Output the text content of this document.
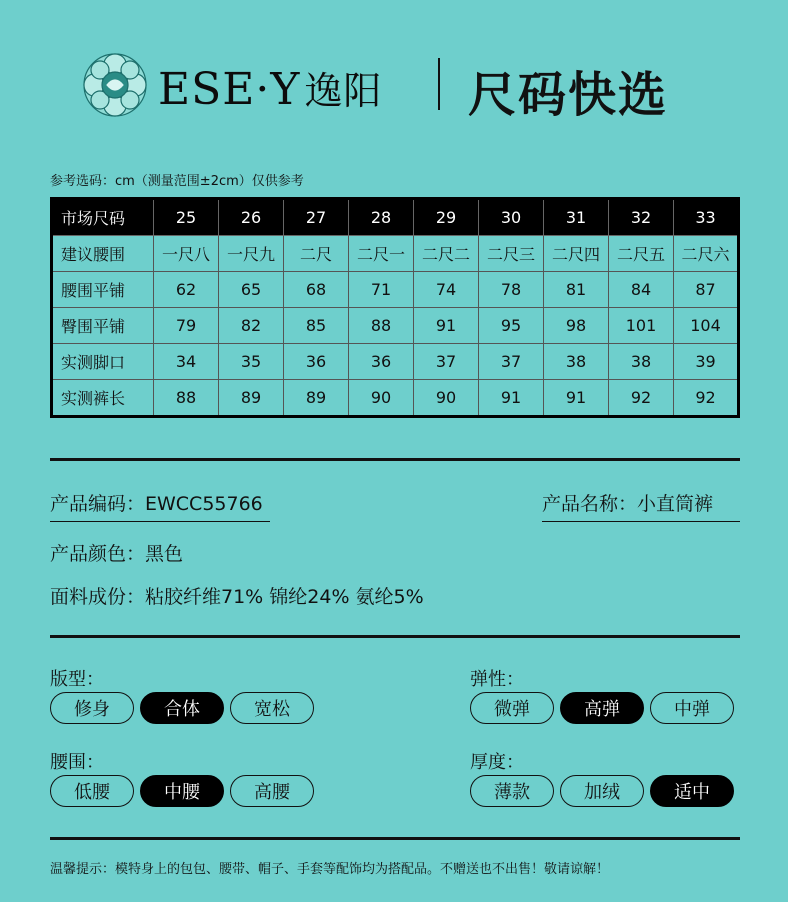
ESE·Y 逸阳 尺码快选
参考选码：cm（测量范围±2cm）仅供参考
市场尺码	25	26	27	28	29	30	31	32	33
建议腰围	一尺八	一尺九	二尺	二尺一	二尺二	二尺三	二尺四	二尺五	二尺六
腰围平铺	62	65	68	71	74	78	81	84	87
臀围平铺	79	82	85	88	91	95	98	101	104
实测脚口	34	35	36	36	37	37	38	38	39
实测裤长	88	89	89	90	90	91	91	92	92
产品编码：EWCC55766	产品名称：小直筒裤
产品颜色：黑色
面料成份：粘胶纤维71% 锦纶24% 氨纶5%
版型：
修身	合体	宽松
弹性：
微弹	高弹	中弹
腰围：
低腰	中腰	高腰
厚度：
薄款	加绒	适中
温馨提示：模特身上的包包、腰带、帽子、手套等配饰均为搭配品。不赠送也不出售！敬请谅解！
